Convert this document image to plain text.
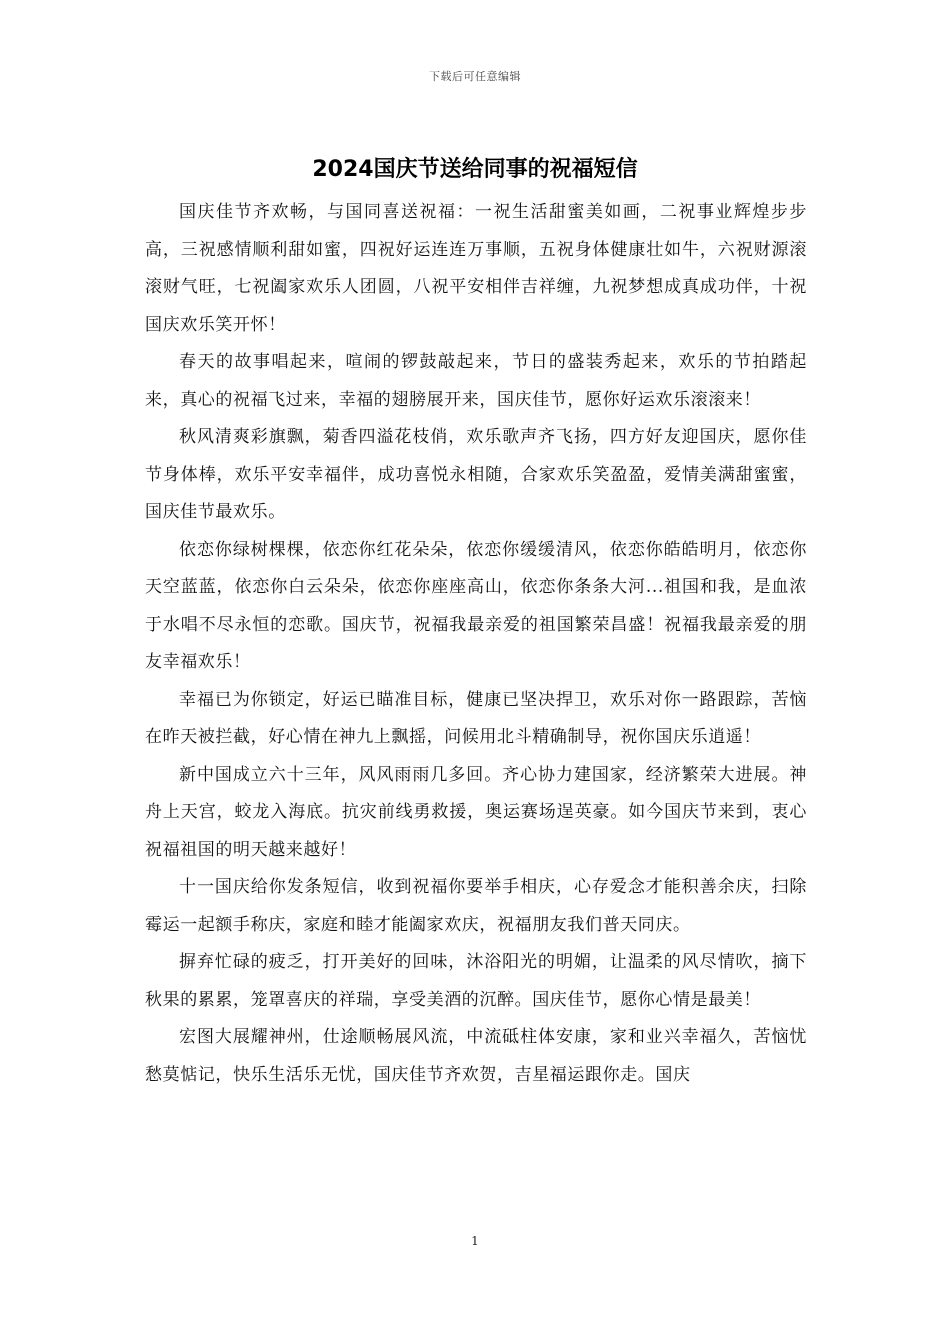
下载后可任意编辑
2024国庆节送给同事的祝福短信

国庆佳节齐欢畅，与国同喜送祝福：一祝生活甜蜜美如画，二祝事业辉煌步步高，三祝感情顺利甜如蜜，四祝好运连连万事顺，五祝身体健康壮如牛，六祝财源滚滚财气旺，七祝阖家欢乐人团圆，八祝平安相伴吉祥缠，九祝梦想成真成功伴，十祝国庆欢乐笑开怀！

春天的故事唱起来，喧闹的锣鼓敲起来，节日的盛装秀起来，欢乐的节拍踏起来，真心的祝福飞过来，幸福的翅膀展开来，国庆佳节，愿你好运欢乐滚滚来！

秋风清爽彩旗飘，菊香四溢花枝俏，欢乐歌声齐飞扬，四方好友迎国庆，愿你佳节身体棒，欢乐平安幸福伴，成功喜悦永相随，合家欢乐笑盈盈，爱情美满甜蜜蜜，国庆佳节最欢乐。

依恋你绿树棵棵，依恋你红花朵朵，依恋你缓缓清风，依恋你皓皓明月，依恋你天空蓝蓝，依恋你白云朵朵，依恋你座座高山，依恋你条条大河...祖国和我，是血浓于水唱不尽永恒的恋歌。国庆节，祝福我最亲爱的祖国繁荣昌盛！祝福我最亲爱的朋友幸福欢乐！

幸福已为你锁定，好运已瞄准目标，健康已坚决捍卫，欢乐对你一路跟踪，苦恼在昨天被拦截，好心情在神九上飘摇，问候用北斗精确制导，祝你国庆乐逍遥！

新中国成立六十三年，风风雨雨几多回。齐心协力建国家，经济繁荣大进展。神舟上天宫，蛟龙入海底。抗灾前线勇救援，奥运赛场逞英豪。如今国庆节来到，衷心祝福祖国的明天越来越好！

十一国庆给你发条短信，收到祝福你要举手相庆，心存爱念才能积善余庆，扫除霉运一起额手称庆，家庭和睦才能阖家欢庆，祝福朋友我们普天同庆。

摒弃忙碌的疲乏，打开美好的回味，沐浴阳光的明媚，让温柔的风尽情吹，摘下秋果的累累，笼罩喜庆的祥瑞，享受美酒的沉醉。国庆佳节，愿你心情是最美！

宏图大展耀神州，仕途顺畅展风流，中流砥柱体安康，家和业兴幸福久，苦恼忧愁莫惦记，快乐生活乐无忧，国庆佳节齐欢贺，吉星福运跟你走。国庆

1
